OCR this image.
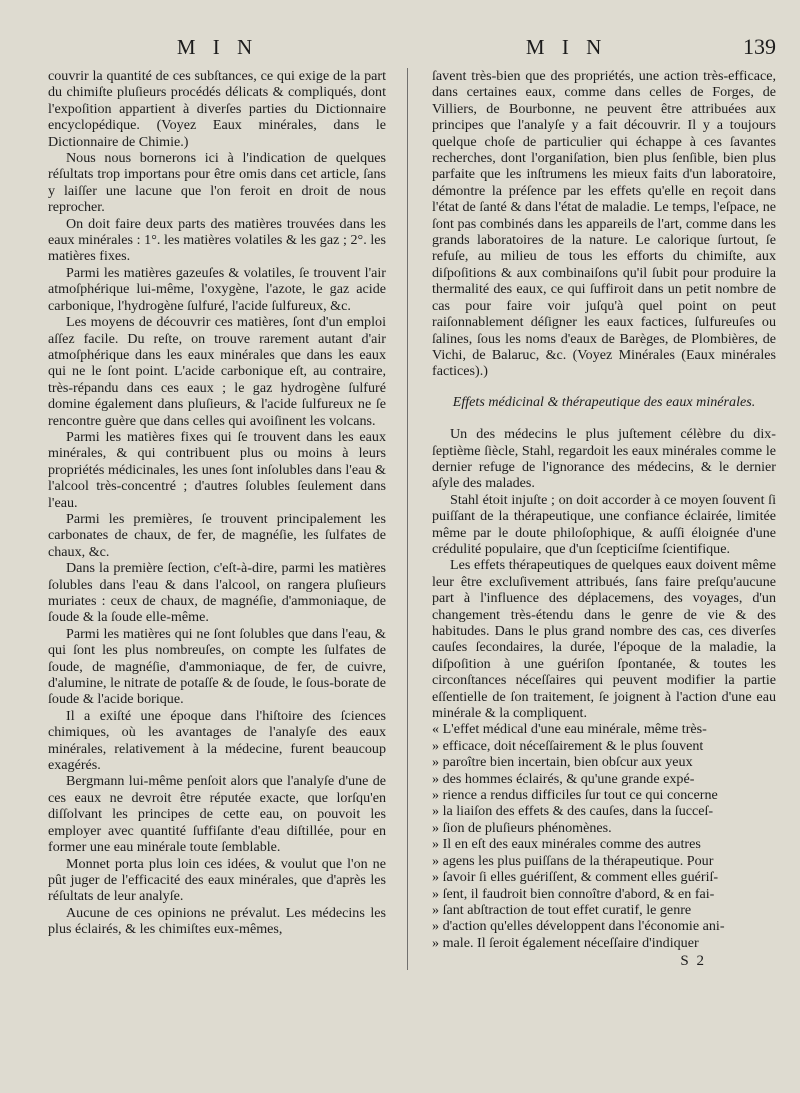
M I N	M I N	139

couvrir la quantité de ces subſtances, ce qui exige de la part du chimiſte pluſieurs procédés délicats & compliqués, dont l'expoſition appartient à diverſes parties du Dictionnaire encyclopédique. (Voyez Eaux minérales, dans le Dictionnaire de Chimie.)

Nous nous bornerons ici à l'indication de quelques réſultats trop importans pour être omis dans cet article, ſans y laiſſer une lacune que l'on feroit en droit de nous reprocher.

On doit faire deux parts des matières trouvées dans les eaux minérales : 1°. les matières volatiles & les gaz ; 2°. les matières fixes.

Parmi les matières gazeuſes & volatiles, ſe trouvent l'air atmoſphérique lui-même, l'oxygène, l'azote, le gaz acide carbonique, l'hydrogène ſulfuré, l'acide ſulfureux, &c.

Les moyens de découvrir ces matières, ſont d'un emploi aſſez facile. Du reſte, on trouve rarement autant d'air atmoſphérique dans les eaux minérales que dans les eaux qui ne le ſont point. L'acide carbonique eſt, au contraire, très-répandu dans ces eaux ; le gaz hydrogène ſulfuré domine également dans pluſieurs, & l'acide ſulfureux ne ſe rencontre guère que dans celles qui avoiſinent les volcans.

Parmi les matières fixes qui ſe trouvent dans les eaux minérales, & qui contribuent plus ou moins à leurs propriétés médicinales, les unes ſont inſolubles dans l'eau & l'alcool très-concentré ; d'autres ſolubles ſeulement dans l'eau.

Parmi les premières, ſe trouvent principalement les carbonates de chaux, de fer, de magnéſie, les ſulfates de chaux, &c.

Dans la première ſection, c'eſt-à-dire, parmi les matières ſolubles dans l'eau & dans l'alcool, on rangera pluſieurs muriates : ceux de chaux, de magnéſie, d'ammoniaque, de ſoude & la ſoude elle-même.

Parmi les matières qui ne ſont ſolubles que dans l'eau, & qui ſont les plus nombreuſes, on compte les ſulfates de ſoude, de magnéſie, d'ammoniaque, de fer, de cuivre, d'alumine, le nitrate de potaſſe & de ſoude, le ſous-borate de ſoude & l'acide borique.

Il a exiſté une époque dans l'hiſtoire des ſciences chimiques, où les avantages de l'analyſe des eaux minérales, relativement à la médecine, furent beaucoup exagérés.

Bergmann lui-même penſoit alors que l'analyſe d'une de ces eaux ne devroit être réputée exacte, que lorſqu'en diſſolvant les principes de cette eau, on pouvoit les employer avec quantité ſuffiſante d'eau diſtillée, pour en former une eau minérale toute ſemblable.

Monnet porta plus loin ces idées, & voulut que l'on ne pût juger de l'efficacité des eaux minérales, que d'après les réſultats de leur analyſe.

Aucune de ces opinions ne prévalut. Les médecins les plus éclairés, & les chimiſtes eux-mêmes,

ſavent très-bien que des propriétés, une action très-efficace, dans certaines eaux, comme dans celles de Forges, de Villiers, de Bourbonne, ne peuvent être attribuées aux principes que l'analyſe y a fait découvrir. Il y a toujours quelque choſe de particulier qui échappe à ces ſavantes recherches, dont l'organiſation, bien plus ſenſible, bien plus parfaite que les inſtrumens les mieux faits d'un laboratoire, démontre la préſence par les effets qu'elle en reçoit dans l'état de ſanté & dans l'état de maladie. Le temps, l'eſpace, ne ſont pas combinés dans les appareils de l'art, comme dans les grands laboratoires de la nature. Le calorique ſurtout, ſe refuſe, au milieu de tous les efforts du chimiſte, aux diſpoſitions & aux combinaiſons qu'il ſubit pour produire la thermalité des eaux, ce qui ſuffiroit dans un petit nombre de cas pour faire voir juſqu'à quel point on peut raiſonnablement déſigner les eaux factices, ſulfureuſes ou ſalines, ſous les noms d'eaux de Barèges, de Plombières, de Vichi, de Balaruc, &c. (Voyez Minérales (Eaux minérales factices).)

Effets médicinal & thérapeutique des eaux minérales.

Un des médecins le plus juſtement célèbre du dix-ſeptième ſiècle, Stahl, regardoit les eaux minérales comme le dernier refuge de l'ignorance des médecins, & le dernier aſyle des malades.

Stahl étoit injuſte ; on doit accorder à ce moyen ſouvent ſi puiſſant de la thérapeutique, une confiance éclairée, limitée même par le doute philoſophique, & auſſi éloignée d'une crédulité populaire, que d'un ſcepticiſme ſcientifique.

Les effets thérapeutiques de quelques eaux doivent même leur être excluſivement attribués, ſans faire preſqu'aucune part à l'influence des déplacemens, des voyages, d'un changement très-étendu dans le genre de vie & des habitudes. Dans le plus grand nombre des cas, ces diverſes cauſes ſecondaires, la durée, l'époque de la maladie, la diſpoſition à une guériſon ſpontanée, & toutes les circonſtances néceſſaires qui peuvent modifier la partie eſſentielle de ſon traitement, ſe joignent à l'action d'une eau minérale & la compliquent.

« L'effet médical d'une eau minérale, même très-
» efficace, doit néceſſairement & le plus ſouvent
» paroître bien incertain, bien obſcur aux yeux
» des hommes éclairés, & qu'une grande expé-
» rience a rendus difficiles ſur tout ce qui concerne
» la liaiſon des effets & des cauſes, dans la ſucceſ-
» ſion de pluſieurs phénomènes.
» Il en eſt des eaux minérales comme des autres
» agens les plus puiſſans de la thérapeutique. Pour
» ſavoir ſi elles guériſſent, & comment elles guériſ-
» ſent, il faudroit bien connoître d'abord, & en fai-
» ſant abſtraction de tout effet curatif, le genre
» d'action qu'elles développent dans l'économie ani-
» male. Il ſeroit également néceſſaire d'indiquer
S 2
